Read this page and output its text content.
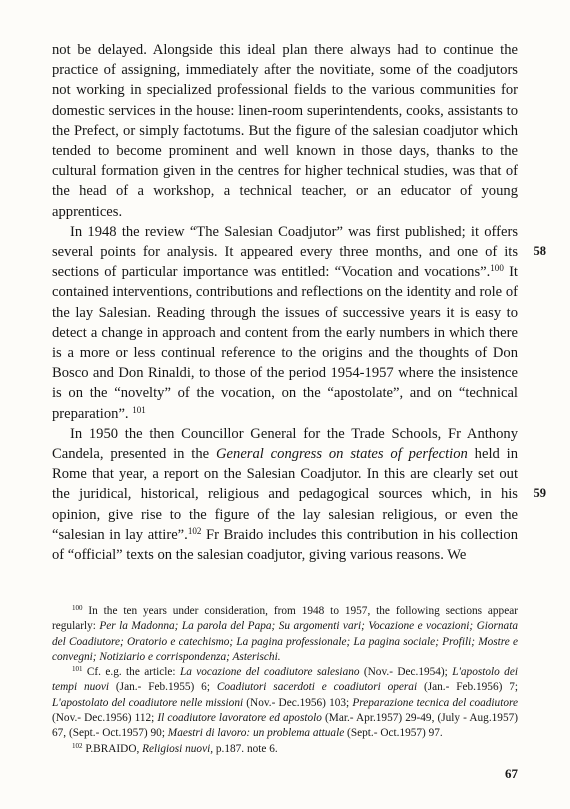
not be delayed. Alongside this ideal plan there always had to continue the practice of assigning, immediately after the novitiate, some of the coadjutors not working in specialized professional fields to the various communities for domestic services in the house: linen-room superintendents, cooks, assistants to the Prefect, or simply factotums. But the figure of the salesian coadjutor which tended to become prominent and well known in those days, thanks to the cultural formation given in the centres for higher technical studies, was that of the head of a workshop, a technical teacher, or an educator of young apprentices.

In 1948 the review “The Salesian Coadjutor” was first published; it offers several points for analysis. It appeared every three months, and one of its sections of particular importance was entitled: “Vocation and vocations”.$^{100}$ It contained interventions, contributions and reflections on the identity and role of the lay Salesian. Reading through the issues of successive years it is easy to detect a change in approach and content from the early numbers in which there is a more or less continual reference to the origins and the thoughts of Don Bosco and Don Rinaldi, to those of the period 1954-1957 where the insistence is on the “novelty” of the vocation, on the “apostolate”, and on “technical preparation”. $^{101}$

In 1950 the then Councillor General for the Trade Schools, Fr Anthony Candela, presented in the General congress on states of perfection held in Rome that year, a report on the Salesian Coadjutor. In this are clearly set out the juridical, historical, religious and pedagogical sources which, in his opinion, give rise to the figure of the lay salesian religious, or even the “salesian in lay attire”.$^{102}$ Fr Braido includes this contribution in his collection of “official” texts on the salesian coadjutor, giving various reasons. We

58
59

$^{100}$ In the ten years under consideration, from 1948 to 1957, the following sections appear regularly: Per la Madonna; La parola del Papa; Su argomenti vari; Vocazione e vocazioni; Giornata del Coadiutore; Oratorio e catechismo; La pagina professionale; La pagina sociale; Profili; Mostre e convegni; Notiziario e corrispondenza; Asterischi.

$^{101}$ Cf. e.g. the article: La vocazione del coadiutore salesiano (Nov.- Dec.1954); L'apostolo dei tempi nuovi (Jan.- Feb.1955) 6; Coadiutori sacerdoti e coadiutori operai (Jan.- Feb.1956) 7; L'apostolato del coadiutore nelle missioni (Nov.- Dec.1956) 103; Preparazione tecnica del coadiutore (Nov.- Dec.1956) 112; Il coadiutore lavoratore ed apostolo (Mar.- Apr.1957) 29-49, (July - Aug.1957) 67, (Sept.- Oct.1957) 90; Maestri di lavoro: un problema attuale (Sept.- Oct.1957) 97.

$^{102}$ P.BRAIDO, Religiosi nuovi, p.187. note 6.

67
